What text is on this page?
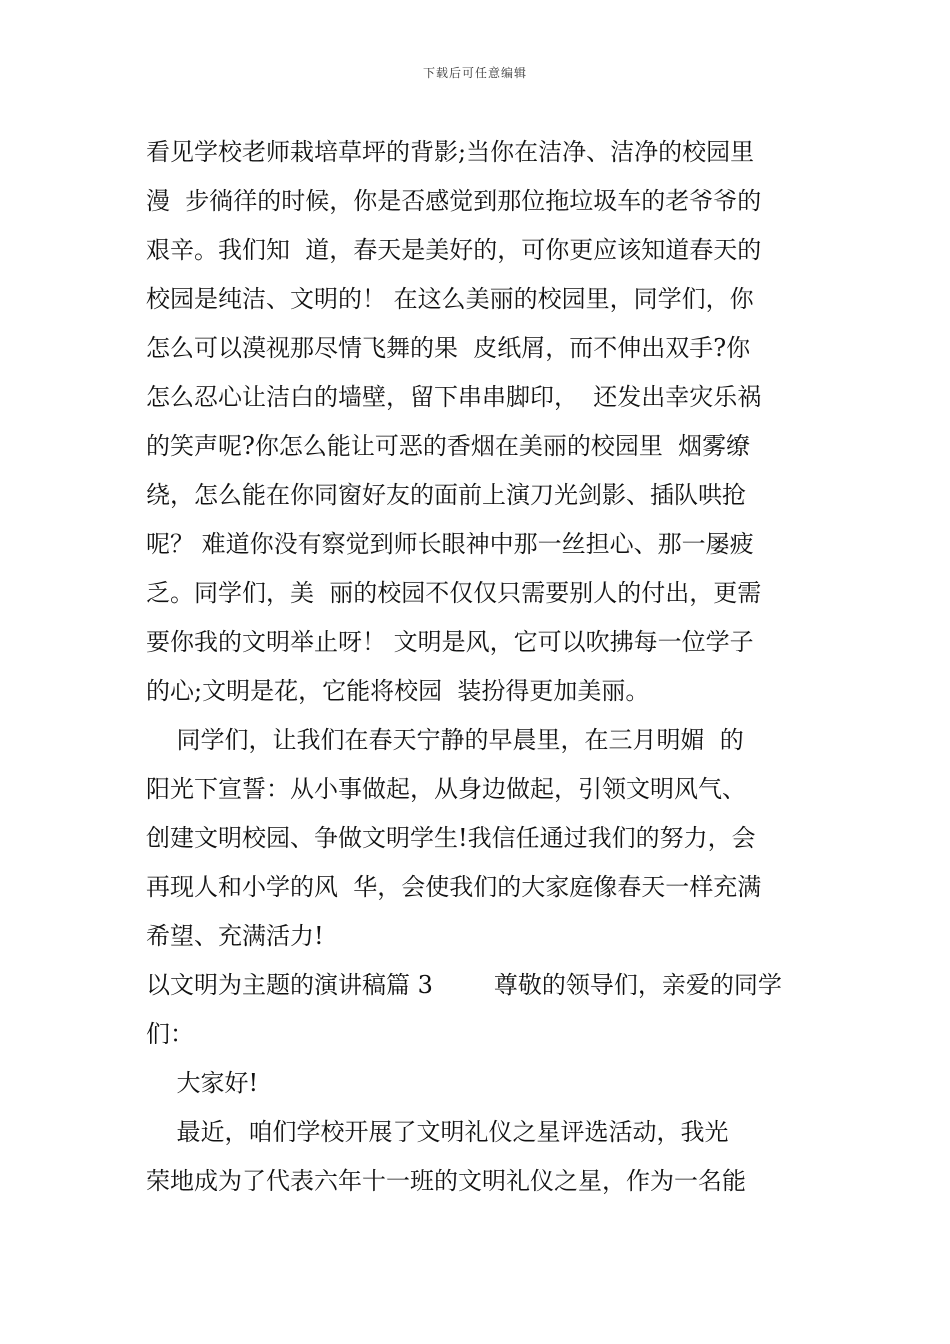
下载后可任意编辑
看见学校老师栽培草坪的背影;当你在洁净、洁净的校园里
漫  步徜徉的时候，你是否感觉到那位拖垃圾车的老爷爷的
艰辛。我们知  道，春天是美好的，可你更应该知道春天的
校园是纯洁、文明的！ 在这么美丽的校园里，同学们，你
怎么可以漠视那尽情飞舞的果  皮纸屑，而不伸出双手?你
怎么忍心让洁白的墙壁，留下串串脚印，  还发出幸灾乐祸
的笑声呢?你怎么能让可恶的香烟在美丽的校园里  烟雾缭
绕，怎么能在你同窗好友的面前上演刀光剑影、插队哄抢
呢？ 难道你没有察觉到师长眼神中那一丝担心、那一屡疲
乏。同学们，美  丽的校园不仅仅只需要别人的付出，更需
要你我的文明举止呀！ 文明是风，它可以吹拂每一位学子
的心;文明是花，它能将校园  装扮得更加美丽。
同学们，让我们在春天宁静的早晨里，在三月明媚  的
阳光下宣誓：从小事做起，从身边做起，引领文明风气、
创建文明校园、争做文明学生!我信任通过我们的努力，会
再现人和小学的风  华，会使我们的大家庭像春天一样充满
希望、充满活力!
以文明为主题的演讲稿篇 3        尊敬的领导们，亲爱的同学
们：
大家好!
最近，咱们学校开展了文明礼仪之星评选活动，我光
荣地成为了代表六年十一班的文明礼仪之星，作为一名能
